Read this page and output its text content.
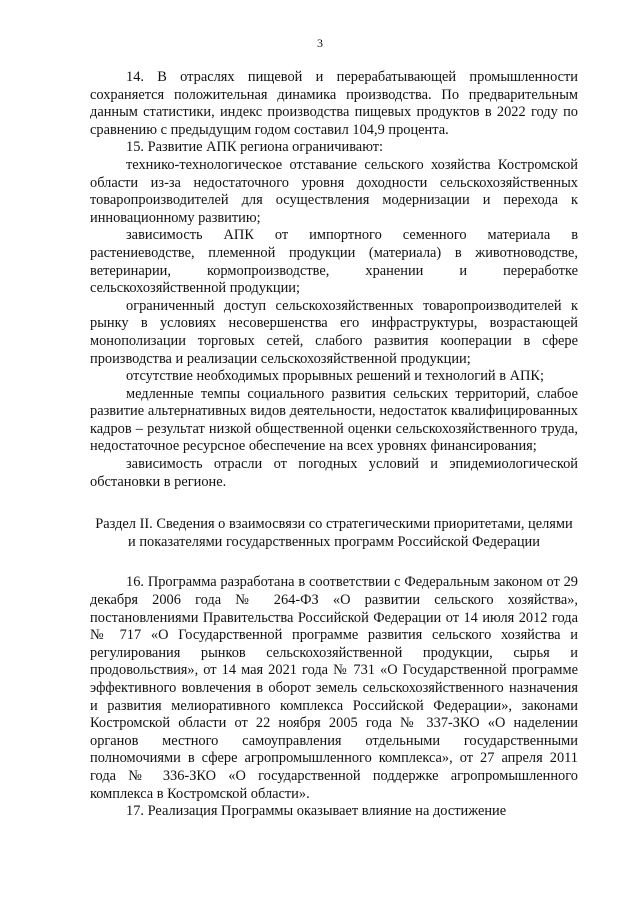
3

14. В отраслях пищевой и перерабатывающей промышленности сохраняется положительная динамика производства. По предварительным данным статистики, индекс производства пищевых продуктов в 2022 году по сравнению с предыдущим годом составил 104,9 процента.

15. Развитие АПК региона ограничивают:

технико-технологическое отставание сельского хозяйства Костромской области из-за недостаточного уровня доходности сельскохозяйственных товаропроизводителей для осуществления модернизации и перехода к инновационному развитию;

зависимость АПК от импортного семенного материала в растениеводстве, племенной продукции (материала) в животноводстве, ветеринарии, кормопроизводстве, хранении и переработке сельскохозяйственной продукции;

ограниченный доступ сельскохозяйственных товаропроизводителей к рынку в условиях несовершенства его инфраструктуры, возрастающей монополизации торговых сетей, слабого развития кооперации в сфере производства и реализации сельскохозяйственной продукции;

отсутствие необходимых прорывных решений и технологий в АПК;

медленные темпы социального развития сельских территорий, слабое развитие альтернативных видов деятельности, недостаток квалифицированных кадров – результат низкой общественной оценки сельскохозяйственного труда, недостаточное ресурсное обеспечение на всех уровнях финансирования;

зависимость отрасли от погодных условий и эпидемиологической обстановки в регионе.

Раздел II. Сведения о взаимосвязи со стратегическими приоритетами, целями и показателями государственных программ Российской Федерации

16. Программа разработана в соответствии с Федеральным законом от 29 декабря 2006 года № 264-ФЗ «О развитии сельского хозяйства», постановлениями Правительства Российской Федерации от 14 июля 2012 года № 717 «О Государственной программе развития сельского хозяйства и регулирования рынков сельскохозяйственной продукции, сырья и продовольствия», от 14 мая 2021 года № 731 «О Государственной программе эффективного вовлечения в оборот земель сельскохозяйственного назначения и развития мелиоративного комплекса Российской Федерации», законами Костромской области от 22 ноября 2005 года № 337-ЗКО «О наделении органов местного самоуправления отдельными государственными полномочиями в сфере агропромышленного комплекса», от 27 апреля 2011 года № 336-ЗКО «О государственной поддержке агропромышленного комплекса в Костромской области».

17. Реализация Программы оказывает влияние на достижение
